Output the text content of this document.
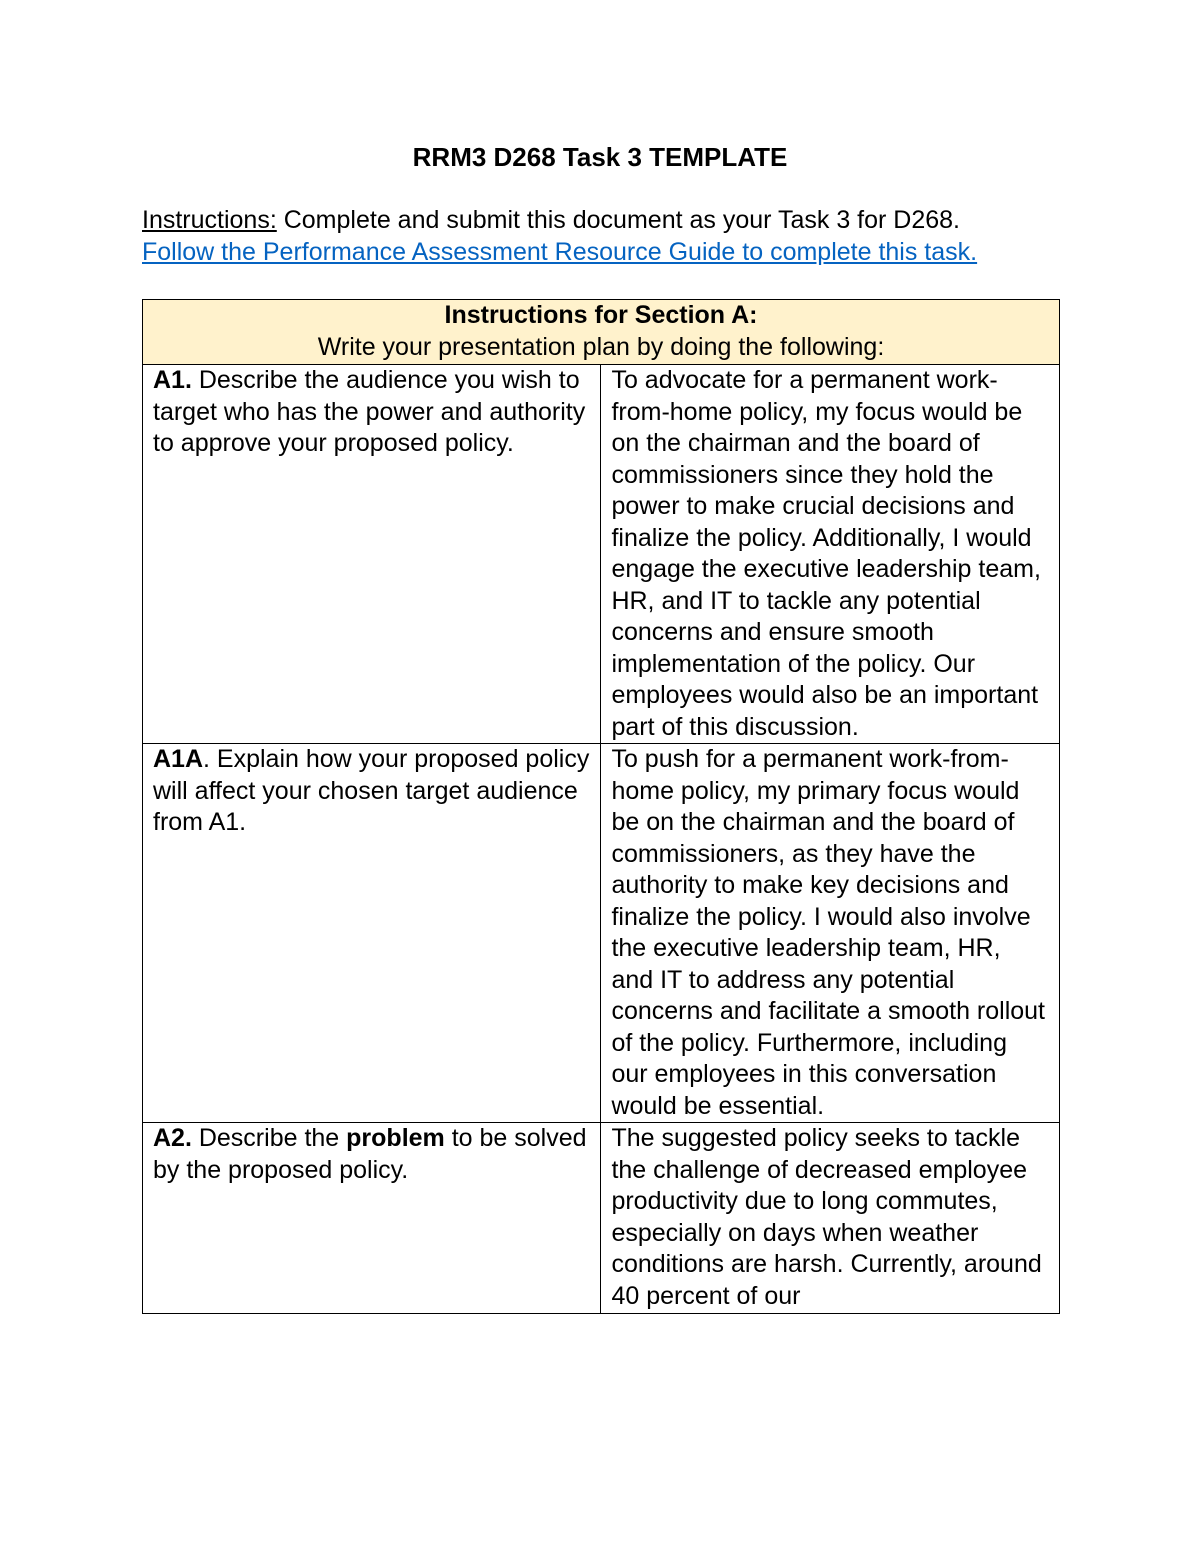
RRM3 D268 Task 3 TEMPLATE
Instructions: Complete and submit this document as your Task 3 for D268.
Follow the Performance Assessment Resource Guide to complete this task.
Instructions for Section A:
Write your presentation plan by doing the following:	
A1. Describe the audience you wish to target who has the power and authority to approve your proposed policy.	To advocate for a permanent work-from-home policy, my focus would be on the chairman and the board of commissioners since they hold the power to make crucial decisions and finalize the policy. Additionally, I would engage the executive leadership team, HR, and IT to tackle any potential concerns and ensure smooth implementation of the policy. Our employees would also be an important part of this discussion.
A1A. Explain how your proposed policy will affect your chosen target audience from A1.	To push for a permanent work-from-home policy, my primary focus would be on the chairman and the board of commissioners, as they have the authority to make key decisions and finalize the policy. I would also involve the executive leadership team, HR, and IT to address any potential concerns and facilitate a smooth rollout of the policy. Furthermore, including our employees in this conversation would be essential.
A2. Describe the problem to be solved by the proposed policy.	The suggested policy seeks to tackle the challenge of decreased employee productivity due to long commutes, especially on days when weather conditions are harsh. Currently, around 40 percent of our
